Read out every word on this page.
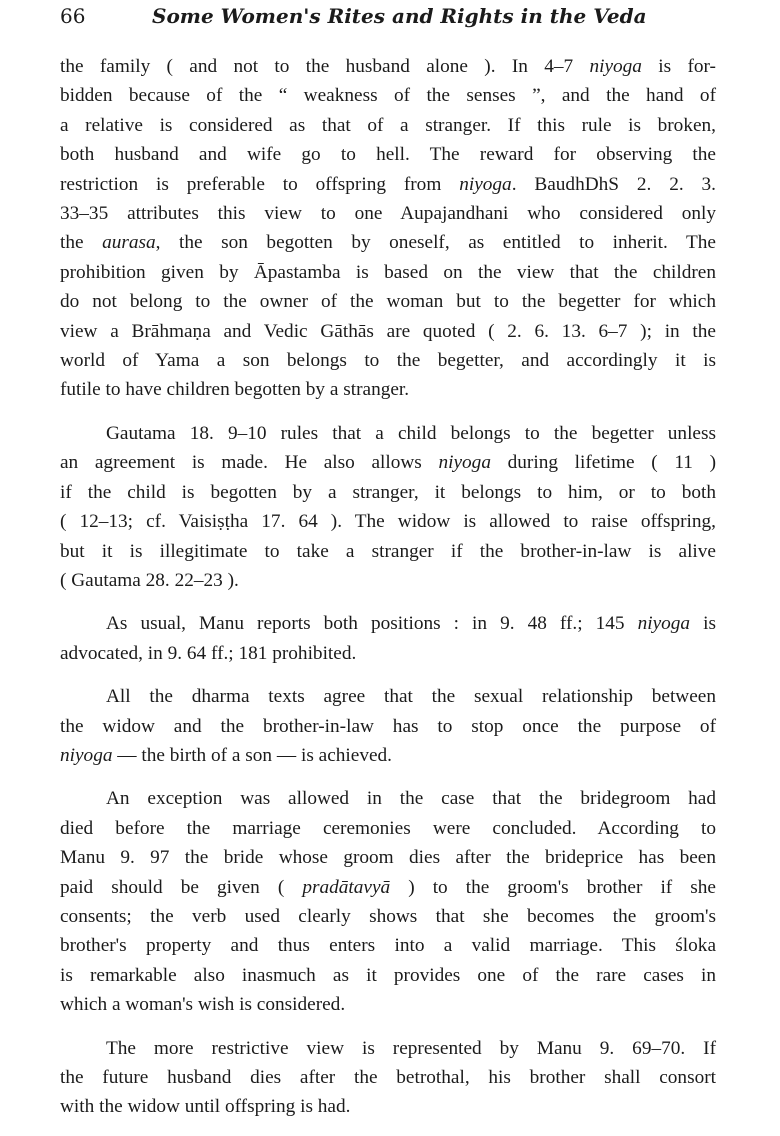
66	Some Women's Rites and Rights in the Veda

the family ( and not to the husband alone ). In 4–7 niyoga is for-
bidden because of the “ weakness of the senses ”, and the hand of
a relative is considered as that of a stranger. If this rule is broken,
both husband and wife go to hell. The reward for observing the
restriction is preferable to offspring from niyoga. BaudhDhS 2. 2. 3.
33–35 attributes this view to one Aupajandhani who considered only
the aurasa, the son begotten by oneself, as entitled to inherit. The
prohibition given by Āpastamba is based on the view that the children
do not belong to the owner of the woman but to the begetter for which
view a Brāhmaṇa and Vedic Gāthās are quoted ( 2. 6. 13. 6–7 ); in the
world of Yama a son belongs to the begetter, and accordingly it is
futile to have children begotten by a stranger.

Gautama 18. 9–10 rules that a child belongs to the begetter unless
an agreement is made. He also allows niyoga during lifetime ( 11 )
if the child is begotten by a stranger, it belongs to him, or to both
( 12–13; cf. Vaisiṣṭha 17. 64 ). The widow is allowed to raise offspring,
but it is illegitimate to take a stranger if the brother-in-law is alive
( Gautama 28. 22–23 ).

As usual, Manu reports both positions : in 9. 48 ff.; 145 niyoga is
advocated, in 9. 64 ff.; 181 prohibited.

All the dharma texts agree that the sexual relationship between
the widow and the brother-in-law has to stop once the purpose of
niyoga — the birth of a son — is achieved.

An exception was allowed in the case that the bridegroom had
died before the marriage ceremonies were concluded. According to
Manu 9. 97 the bride whose groom dies after the brideprice has been
paid should be given ( pradātavyā ) to the groom's brother if she
consents; the verb used clearly shows that she becomes the groom's
brother's property and thus enters into a valid marriage. This śloka
is remarkable also inasmuch as it provides one of the rare cases in
which a woman's wish is considered.

The more restrictive view is represented by Manu 9. 69–70. If
the future husband dies after the betrothal, his brother shall consort
with the widow until offspring is had.
